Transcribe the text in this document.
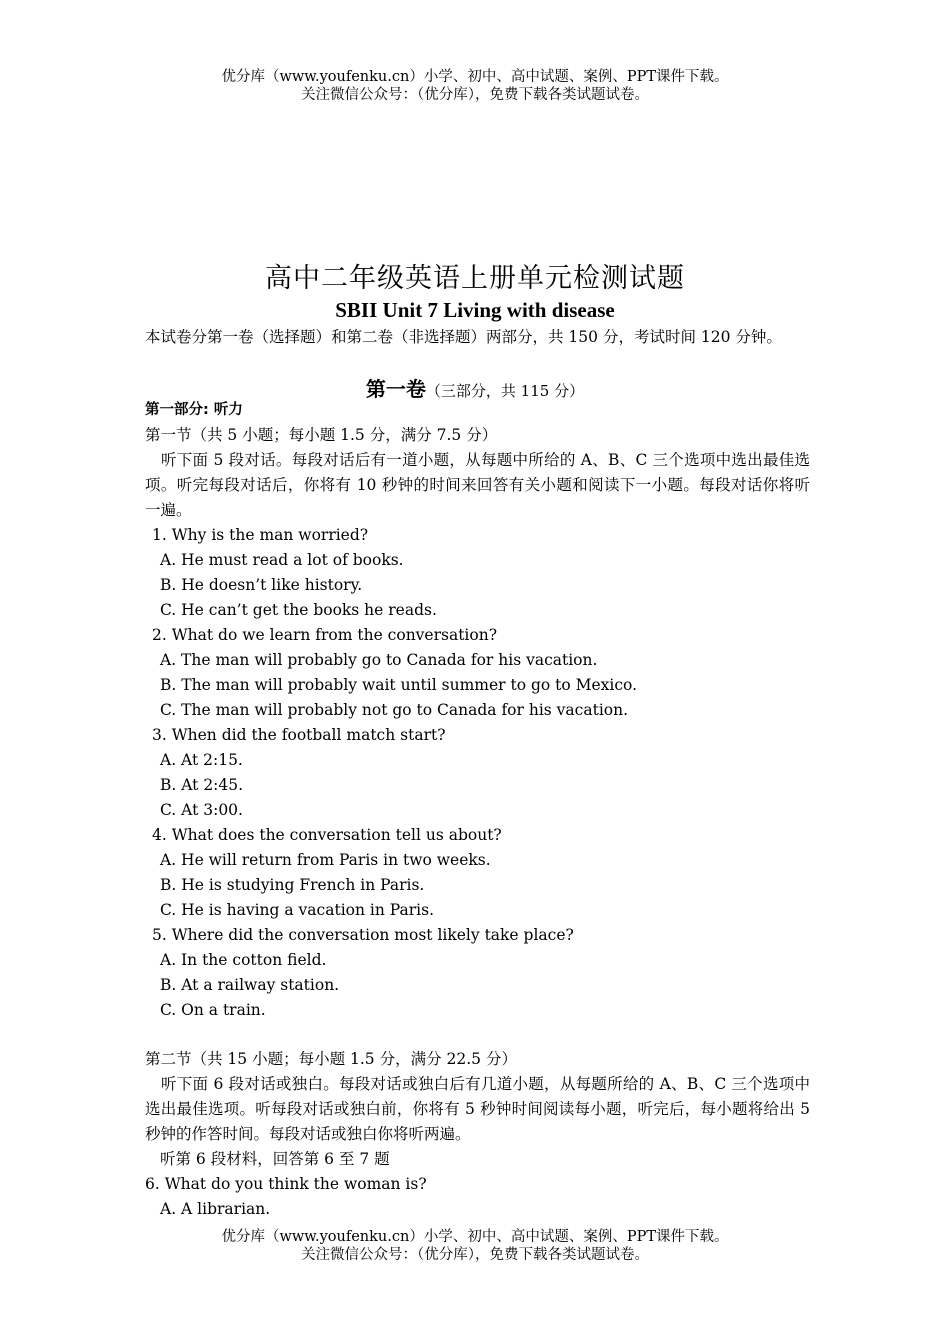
优分库（www.youfenku.cn）小学、初中、高中试题、案例、PPT课件下载。
关注微信公众号：（优分库），免费下载各类试题试卷。
高中二年级英语上册单元检测试题
SBII Unit 7 Living with disease
本试卷分第一卷（选择题）和第二卷（非选择题）两部分，共 150 分，考试时间 120 分钟。
第一卷（三部分，共 115 分）
第一部分: 听力
第一节（共 5 小题；每小题 1.5 分，满分 7.5 分）
听下面 5 段对话。每段对话后有一道小题，从每题中所给的 A、B、C 三个选项中选出最佳选项。听完每段对话后，你将有 10 秒钟的时间来回答有关小题和阅读下一小题。每段对话你将听一遍。
1. Why is the man worried?
A. He must read a lot of books.
B. He doesn’t like history.
C. He can’t get the books he reads.
2. What do we learn from the conversation?
A. The man will probably go to Canada for his vacation.
B. The man will probably wait until summer to go to Mexico.
C. The man will probably not go to Canada for his vacation.
3. When did the football match start?
A. At 2:15.
B. At 2:45.
C. At 3:00.
4. What does the conversation tell us about?
A. He will return from Paris in two weeks.
B. He is studying French in Paris.
C. He is having a vacation in Paris.
5. Where did the conversation most likely take place?
A. In the cotton field.
B. At a railway station.
C. On a train.
第二节（共 15 小题；每小题 1.5 分，满分 22.5 分）
听下面 6 段对话或独白。每段对话或独白后有几道小题，从每题所给的 A、B、C 三个选项中选出最佳选项。听每段对话或独白前，你将有 5 秒钟时间阅读每小题，听完后，每小题将给出 5 秒钟的作答时间。每段对话或独白你将听两遍。
听第 6 段材料，回答第 6 至 7 题
6. What do you think the woman is?
A. A librarian.
优分库（www.youfenku.cn）小学、初中、高中试题、案例、PPT课件下载。
关注微信公众号：（优分库），免费下载各类试题试卷。
